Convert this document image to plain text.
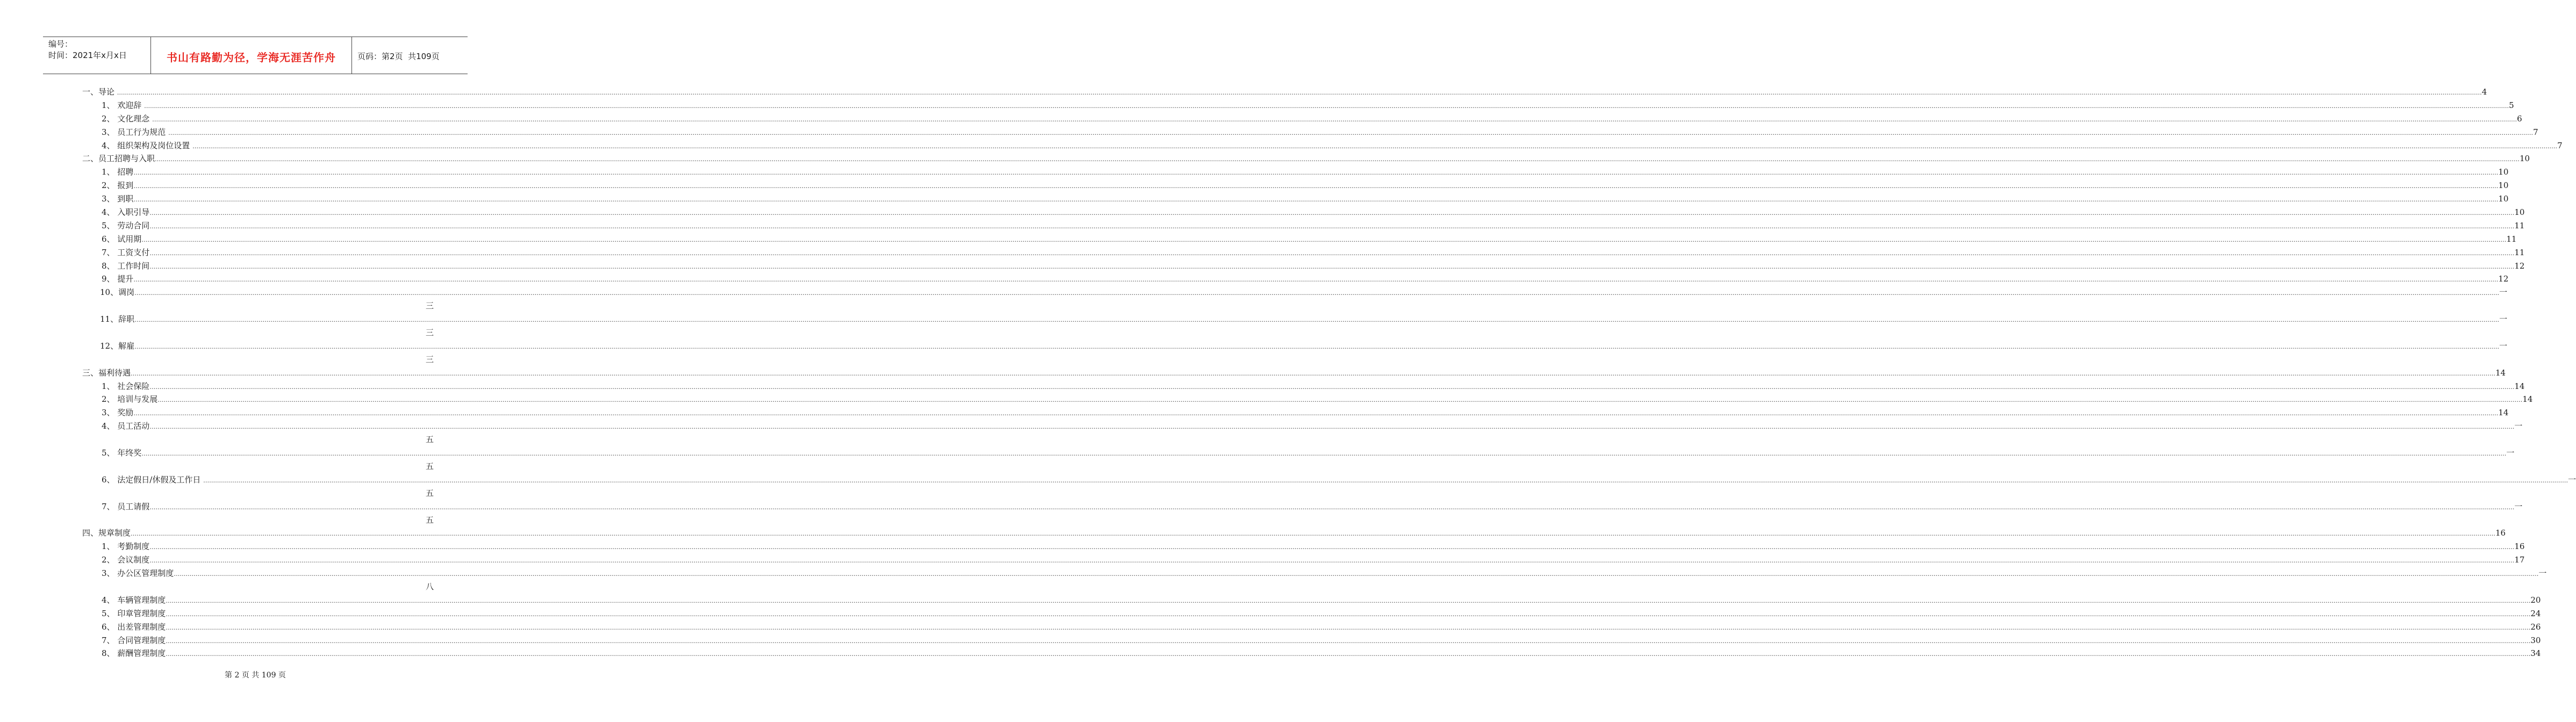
编号：
时间：2021年x月x日	书山有路勤为径，学海无涯苦作舟	页码：第2页  共109页
一、导论 ………………………………………………………………………………………………………………………………………………………………………………………………………………………………………………………………………………………………………………………………………………………………………………………………………………………………………………………………………………………………………………………………………………………………………………………………………………………………………………………………………………………………………………………………………………………………………………………………………………………………………………………………………………………………………………………………………………………………………………………………………………………………………………………………………………………………………… 4
1、 欢迎辞 ………………………………………………………………………………………………………………………………………………………………………………………………………………………………………………………………………………………………………………………………………………………………………………………………………………………………………………………………………………………………………………………………………………………………………………………………………………………………………………………………………………………………………………………………………………………………………………………………………………………………………………………………………………………………………………………………………………………………………………………………………………………………………………………………………………………………………… 5
2、 文化理念 ………………………………………………………………………………………………………………………………………………………………………………………………………………………………………………………………………………………………………………………………………………………………………………………………………………………………………………………………………………………………………………………………………………………………………………………………………………………………………………………………………………………………………………………………………………………………………………………………………………………………………………………………………………………………………………………………………………………………………………………………………………………………………………………………………………………………………… 6
3、 员工行为规范 ………………………………………………………………………………………………………………………………………………………………………………………………………………………………………………………………………………………………………………………………………………………………………………………………………………………………………………………………………………………………………………………………………………………………………………………………………………………………………………………………………………………………………………………………………………………………………………………………………………………………………………………………………………………………………………………………………………………………………………………………………………………………………………………………………………………………………… 7
4、 组织架构及岗位设置 ………………………………………………………………………………………………………………………………………………………………………………………………………………………………………………………………………………………………………………………………………………………………………………………………………………………………………………………………………………………………………………………………………………………………………………………………………………………………………………………………………………………………………………………………………………………………………………………………………………………………………………………………………………………………………………………………………………………………………………………………………………………………………………………………………………………………………… 7
二、员工招聘与入职 ………………………………………………………………………………………………………………………………………………………………………………………………………………………………………………………………………………………………………………………………………………………………………………………………………………………………………………………………………………………………………………………………………………………………………………………………………………………………………………………………………………………………………………………………………………………………………………………………………………………………………………………………………………………………………………………………………………………………………………………………………………………………………………………………………………………………………… 10
1、 招聘 ………………………………………………………………………………………………………………………………………………………………………………………………………………………………………………………………………………………………………………………………………………………………………………………………………………………………………………………………………………………………………………………………………………………………………………………………………………………………………………………………………………………………………………………………………………………………………………………………………………………………………………………………………………………………………………………………………………………………………………………………………………………………………………………………………………………………………… 10
2、 报到 ………………………………………………………………………………………………………………………………………………………………………………………………………………………………………………………………………………………………………………………………………………………………………………………………………………………………………………………………………………………………………………………………………………………………………………………………………………………………………………………………………………………………………………………………………………………………………………………………………………………………………………………………………………………………………………………………………………………………………………………………………………………………………………………………………………………………………… 10
3、 到职 ………………………………………………………………………………………………………………………………………………………………………………………………………………………………………………………………………………………………………………………………………………………………………………………………………………………………………………………………………………………………………………………………………………………………………………………………………………………………………………………………………………………………………………………………………………………………………………………………………………………………………………………………………………………………………………………………………………………………………………………………………………………………………………………………………………………………………… 10
4、 入职引导 ………………………………………………………………………………………………………………………………………………………………………………………………………………………………………………………………………………………………………………………………………………………………………………………………………………………………………………………………………………………………………………………………………………………………………………………………………………………………………………………………………………………………………………………………………………………………………………………………………………………………………………………………………………………………………………………………………………………………………………………………………………………………………………………………………………………………………… 10
5、 劳动合同 ………………………………………………………………………………………………………………………………………………………………………………………………………………………………………………………………………………………………………………………………………………………………………………………………………………………………………………………………………………………………………………………………………………………………………………………………………………………………………………………………………………………………………………………………………………………………………………………………………………………………………………………………………………………………………………………………………………………………………………………………………………………………………………………………………………………………………… 11
6、 试用期 ………………………………………………………………………………………………………………………………………………………………………………………………………………………………………………………………………………………………………………………………………………………………………………………………………………………………………………………………………………………………………………………………………………………………………………………………………………………………………………………………………………………………………………………………………………………………………………………………………………………………………………………………………………………………………………………………………………………………………………………………………………………………………………………………………………………………………… 11
7、 工资支付 ………………………………………………………………………………………………………………………………………………………………………………………………………………………………………………………………………………………………………………………………………………………………………………………………………………………………………………………………………………………………………………………………………………………………………………………………………………………………………………………………………………………………………………………………………………………………………………………………………………………………………………………………………………………………………………………………………………………………………………………………………………………………………………………………………………………………………… 11
8、 工作时间 ………………………………………………………………………………………………………………………………………………………………………………………………………………………………………………………………………………………………………………………………………………………………………………………………………………………………………………………………………………………………………………………………………………………………………………………………………………………………………………………………………………………………………………………………………………………………………………………………………………………………………………………………………………………………………………………………………………………………………………………………………………………………………………………………………………………………………… 12
9、 提升 ………………………………………………………………………………………………………………………………………………………………………………………………………………………………………………………………………………………………………………………………………………………………………………………………………………………………………………………………………………………………………………………………………………………………………………………………………………………………………………………………………………………………………………………………………………………………………………………………………………………………………………………………………………………………………………………………………………………………………………………………………………………………………………………………………………………………………… 12
10、调岗 ………………………………………………………………………………………………………………………………………………………………………………………………………………………………………………………………………………………………………………………………………………………………………………………………………………………………………………………………………………………………………………………………………………………………………………………………………………………………………………………………………………………………………………………………………………………………………………………………………………………………………………………………………………………………………………………………………………………………………………………………………………………………………………………………………………………………………… 一
三
11、辞职 ………………………………………………………………………………………………………………………………………………………………………………………………………………………………………………………………………………………………………………………………………………………………………………………………………………………………………………………………………………………………………………………………………………………………………………………………………………………………………………………………………………………………………………………………………………………………………………………………………………………………………………………………………………………………………………………………………………………………………………………………………………………………………………………………………………………………………… 一
三
12、解雇 ………………………………………………………………………………………………………………………………………………………………………………………………………………………………………………………………………………………………………………………………………………………………………………………………………………………………………………………………………………………………………………………………………………………………………………………………………………………………………………………………………………………………………………………………………………………………………………………………………………………………………………………………………………………………………………………………………………………………………………………………………………………………………………………………………………………………………… 一
三
三、福利待遇 ………………………………………………………………………………………………………………………………………………………………………………………………………………………………………………………………………………………………………………………………………………………………………………………………………………………………………………………………………………………………………………………………………………………………………………………………………………………………………………………………………………………………………………………………………………………………………………………………………………………………………………………………………………………………………………………………………………………………………………………………………………………………………………………………………………………………………… 14
1、 社会保险 ………………………………………………………………………………………………………………………………………………………………………………………………………………………………………………………………………………………………………………………………………………………………………………………………………………………………………………………………………………………………………………………………………………………………………………………………………………………………………………………………………………………………………………………………………………………………………………………………………………………………………………………………………………………………………………………………………………………………………………………………………………………………………………………………………………………………………… 14
2、 培训与发展 ………………………………………………………………………………………………………………………………………………………………………………………………………………………………………………………………………………………………………………………………………………………………………………………………………………………………………………………………………………………………………………………………………………………………………………………………………………………………………………………………………………………………………………………………………………………………………………………………………………………………………………………………………………………………………………………………………………………………………………………………………………………………………………………………………………………………………… 14
3、 奖励 ………………………………………………………………………………………………………………………………………………………………………………………………………………………………………………………………………………………………………………………………………………………………………………………………………………………………………………………………………………………………………………………………………………………………………………………………………………………………………………………………………………………………………………………………………………………………………………………………………………………………………………………………………………………………………………………………………………………………………………………………………………………………………………………………………………………………………… 14
4、 员工活动 ………………………………………………………………………………………………………………………………………………………………………………………………………………………………………………………………………………………………………………………………………………………………………………………………………………………………………………………………………………………………………………………………………………………………………………………………………………………………………………………………………………………………………………………………………………………………………………………………………………………………………………………………………………………………………………………………………………………………………………………………………………………………………………………………………………………………………… 一
五
5、 年终奖 ………………………………………………………………………………………………………………………………………………………………………………………………………………………………………………………………………………………………………………………………………………………………………………………………………………………………………………………………………………………………………………………………………………………………………………………………………………………………………………………………………………………………………………………………………………………………………………………………………………………………………………………………………………………………………………………………………………………………………………………………………………………………………………………………………………………………………… 一
五
6、 法定假日/休假及工作日 ………………………………………………………………………………………………………………………………………………………………………………………………………………………………………………………………………………………………………………………………………………………………………………………………………………………………………………………………………………………………………………………………………………………………………………………………………………………………………………………………………………………………………………………………………………………………………………………………………………………………………………………………………………………………………………………………………………………………………………………………………………………………………………………………………………………………………… 一
五
7、 员工请假 ………………………………………………………………………………………………………………………………………………………………………………………………………………………………………………………………………………………………………………………………………………………………………………………………………………………………………………………………………………………………………………………………………………………………………………………………………………………………………………………………………………………………………………………………………………………………………………………………………………………………………………………………………………………………………………………………………………………………………………………………………………………………………………………………………………………………………… 一
五
四、规章制度 ………………………………………………………………………………………………………………………………………………………………………………………………………………………………………………………………………………………………………………………………………………………………………………………………………………………………………………………………………………………………………………………………………………………………………………………………………………………………………………………………………………………………………………………………………………………………………………………………………………………………………………………………………………………………………………………………………………………………………………………………………………………………………………………………………………………………………… 16
1、 考勤制度 ………………………………………………………………………………………………………………………………………………………………………………………………………………………………………………………………………………………………………………………………………………………………………………………………………………………………………………………………………………………………………………………………………………………………………………………………………………………………………………………………………………………………………………………………………………………………………………………………………………………………………………………………………………………………………………………………………………………………………………………………………………………………………………………………………………………………………… 16
2、 会议制度 ………………………………………………………………………………………………………………………………………………………………………………………………………………………………………………………………………………………………………………………………………………………………………………………………………………………………………………………………………………………………………………………………………………………………………………………………………………………………………………………………………………………………………………………………………………………………………………………………………………………………………………………………………………………………………………………………………………………………………………………………………………………………………………………………………………………………………… 17
3、 办公区管理制度 ………………………………………………………………………………………………………………………………………………………………………………………………………………………………………………………………………………………………………………………………………………………………………………………………………………………………………………………………………………………………………………………………………………………………………………………………………………………………………………………………………………………………………………………………………………………………………………………………………………………………………………………………………………………………………………………………………………………………………………………………………………………………………………………………………………………………………… 一
八
4、 车辆管理制度 ………………………………………………………………………………………………………………………………………………………………………………………………………………………………………………………………………………………………………………………………………………………………………………………………………………………………………………………………………………………………………………………………………………………………………………………………………………………………………………………………………………………………………………………………………………………………………………………………………………………………………………………………………………………………………………………………………………………………………………………………………………………………………………………………………………………………………… 20
5、 印章管理制度 ………………………………………………………………………………………………………………………………………………………………………………………………………………………………………………………………………………………………………………………………………………………………………………………………………………………………………………………………………………………………………………………………………………………………………………………………………………………………………………………………………………………………………………………………………………………………………………………………………………………………………………………………………………………………………………………………………………………………………………………………………………………………………………………………………………………………………… 24
6、 出差管理制度 ………………………………………………………………………………………………………………………………………………………………………………………………………………………………………………………………………………………………………………………………………………………………………………………………………………………………………………………………………………………………………………………………………………………………………………………………………………………………………………………………………………………………………………………………………………………………………………………………………………………………………………………………………………………………………………………………………………………………………………………………………………………………………………………………………………………………………… 26
7、 合同管理制度 ………………………………………………………………………………………………………………………………………………………………………………………………………………………………………………………………………………………………………………………………………………………………………………………………………………………………………………………………………………………………………………………………………………………………………………………………………………………………………………………………………………………………………………………………………………………………………………………………………………………………………………………………………………………………………………………………………………………………………………………………………………………………………………………………………………………………………… 30
8、 薪酬管理制度 ………………………………………………………………………………………………………………………………………………………………………………………………………………………………………………………………………………………………………………………………………………………………………………………………………………………………………………………………………………………………………………………………………………………………………………………………………………………………………………………………………………………………………………………………………………………………………………………………………………………………………………………………………………………………………………………………………………………………………………………………………………………………………………………………………………………………………… 34
第 2 页 共 109 页
